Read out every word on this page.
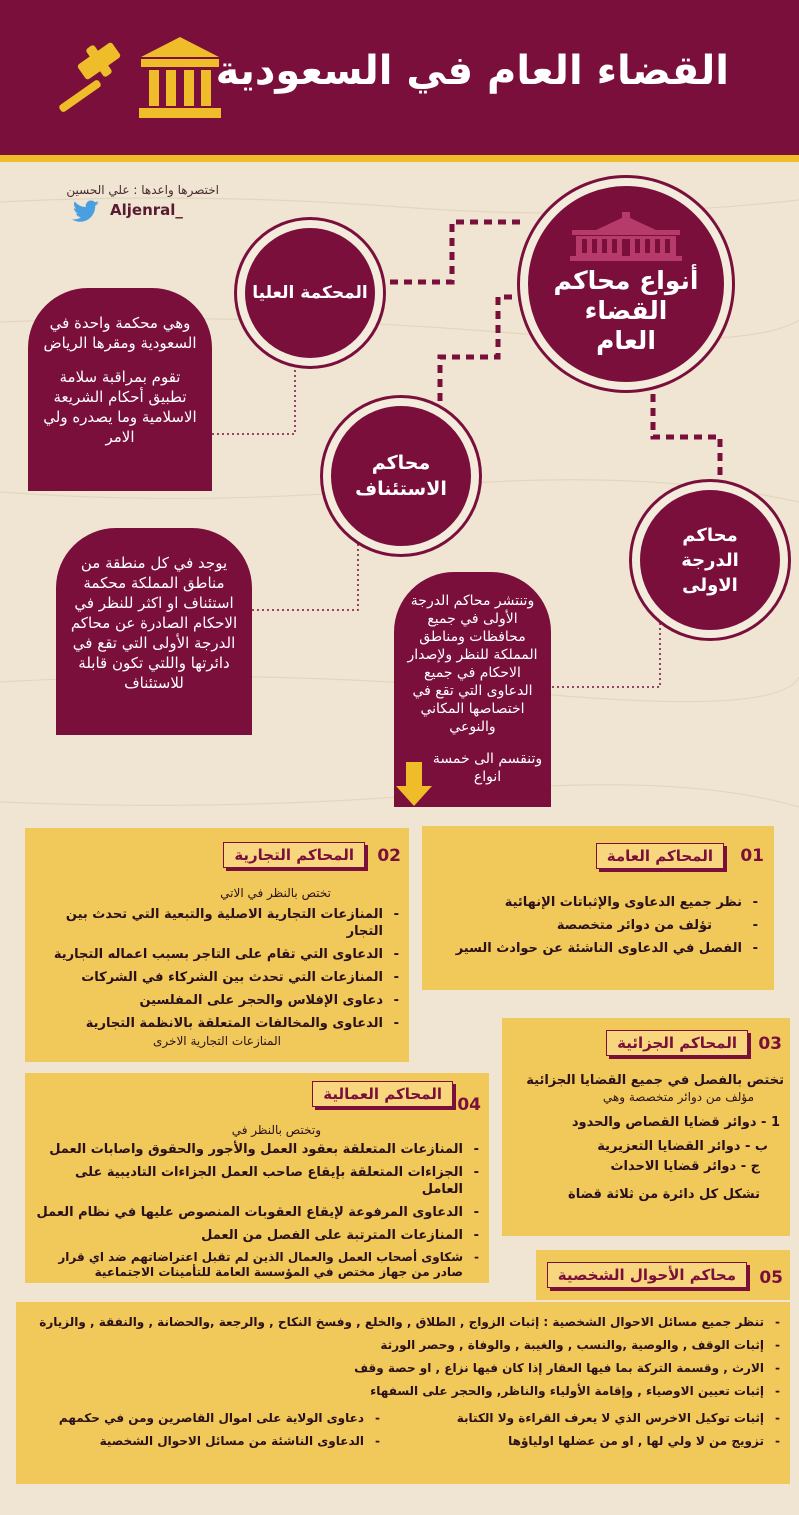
القضاء العام في السعودية
اختصرها واعدها : علي الحسين
Aljenral_
أنواع محاكم القضاء العام
المحكمة العليا

وهي محكمة واحدة في السعودية ومقرها الرياض

تقوم بمراقبة سلامة تطبيق أحكام الشريعة الاسلامية وما يصدره ولي الامر

محاكم الاستئناف

يوجد في كل منطقة من مناطق المملكة محكمة استئناف او اكثر للنظر في الاحكام الصادرة عن محاكم الدرجة الأولى التي تقع في دائرتها واللتي تكون قابلة للاستئناف

محاكم الدرجة الاولى

وتنتشر محاكم الدرجة الأولى في جميع محافظات ومناطق المملكة للنظر ولإصدار الاحكام في جميع الدعاوى التي تقع في اختصاصها المكاني والنوعي

وتنقسم الى خمسة انواع

01
المحاكم العامة
- نظر جميع الدعاوى والإثباتات الإنهائية
- تؤلف من دوائر متخصصة
- الفصل في الدعاوى الناشئة عن حوادث السير
02
المحاكم التجارية
تختص بالنظر في الاتي
- المنازعات التجارية الاصلية والتبعية التي تحدث بين التجار
- الدعاوى التي تقام على التاجر بسبب اعماله التجارية
- المنازعات التي تحدث بين الشركاء في الشركات
- دعاوى الإفلاس والحجر على المفلسين
- الدعاوى والمخالفات المتعلقة بالانظمة التجارية
المنازعات التجارية الاخرى	03
المحاكم الجزائية
تختص بالفصل في جميع القضايا الجزائية
مؤلف من دوائر متخصصة وهي
1 - دوائر قضايا القصاص والحدود
ب - دوائر القضايا التعزيرية
ج - دوائر قضايا الاحداث
تشكل كل دائرة من ثلاثة قضاة
04
المحاكم العمالية
وتختص بالنظر في
- المنازعات المتعلقة بعقود العمل والأجور والحقوق واصابات العمل
- الجزاءات المتعلقة بإيقاع صاحب العمل الجزاءات التاديبية على العامل
- الدعاوى المرفوعة لإيقاع العقوبات المنصوص عليها في نظام العمل
- المنازعات المترتبة على الفصل من العمل
- شكاوى أصحاب العمل والعمال الذين لم تقبل اعتراضاتهم ضد اي قرار صادر من جهاز مختص في المؤسسة العامة للتأمينات الاجتماعية	05
محاكم الأحوال الشخصية
- تنظر جميع مسائل الاحوال الشخصية : إثبات الزواج , الطلاق , والخلع , وفسخ النكاح , والرجعة ,والحضانة , والنفقة , والزيارة
- إثبات الوقف , والوصية ,والنسب , والغيبة , والوفاة , وحصر الورثة
- الارث , وقسمة التركة بما فيها العقار إذا كان فيها نزاع , او حصة وقف
- إثبات تعيين الاوصياء , وإقامة الأولياء والناظر, والحجر على السفهاء
- إثبات توكيل الاخرس الذي لا يعرف القراءة ولا الكتابة
- تزويج من لا ولي لها , او من عضلها اولياؤها
- دعاوى الولاية على اموال القاصرين ومن في حكمهم
- الدعاوى الناشئة من مسائل الاحوال الشخصية
